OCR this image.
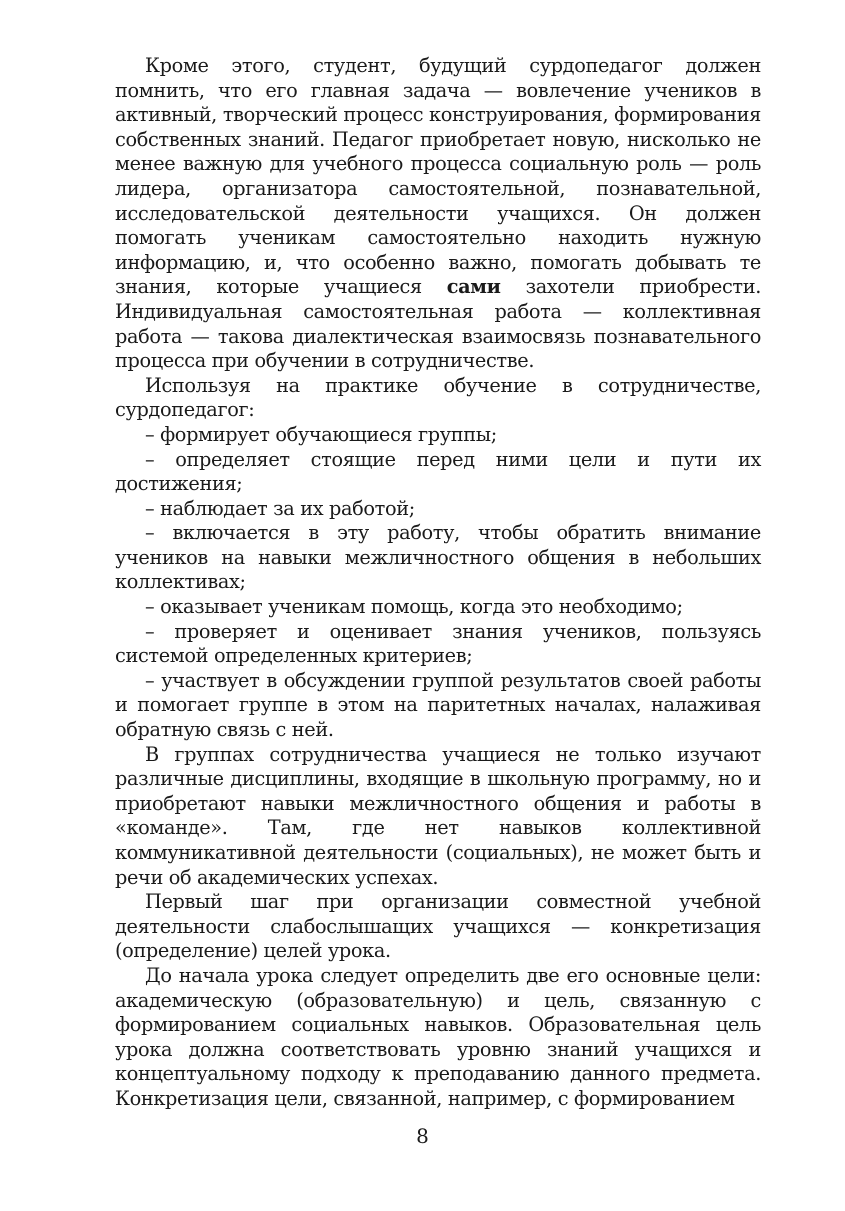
Кроме этого, студент, будущий сурдопедагог должен помнить, что его главная задача — вовлечение учеников в активный, творческий процесс конструирования, формирования собственных знаний. Педагог приобретает новую, нисколько не менее важную для учебного процесса социальную роль — роль лидера, организатора самостоятельной, познавательной, исследовательской деятельности учащихся. Он должен помогать ученикам самостоятельно находить нужную информацию, и, что особенно важно, помогать добывать те знания, которые учащиеся сами захотели приобрести. Индивидуальная самостоятельная работа — коллективная работа — такова диалектическая взаимосвязь познавательного процесса при обучении в сотрудничестве.

Используя на практике обучение в сотрудничестве, сурдопедагог:

– формирует обучающиеся группы;

– определяет стоящие перед ними цели и пути их достижения;

– наблюдает за их работой;

– включается в эту работу, чтобы обратить внимание учеников на навыки межличностного общения в небольших коллективах;

– оказывает ученикам помощь, когда это необходимо;

– проверяет и оценивает знания учеников, пользуясь системой определенных критериев;

– участвует в обсуждении группой результатов своей работы и помогает группе в этом на паритетных началах, налаживая обратную связь с ней.

В группах сотрудничества учащиеся не только изучают различные дисциплины, входящие в школьную программу, но и приобретают навыки межличностного общения и работы в «команде». Там, где нет навыков коллективной коммуникативной деятельности (социальных), не может быть и речи об академических успехах.

Первый шаг при организации совместной учебной деятельности слабослышащих учащихся — конкретизация (определение) целей урока.

До начала урока следует определить две его основные цели: академическую (образовательную) и цель, связанную с формированием социальных навыков. Образовательная цель урока должна соответствовать уровню знаний учащихся и концептуальному подходу к преподаванию данного предмета. Конкретизация цели, связанной, например, с формированием

8
